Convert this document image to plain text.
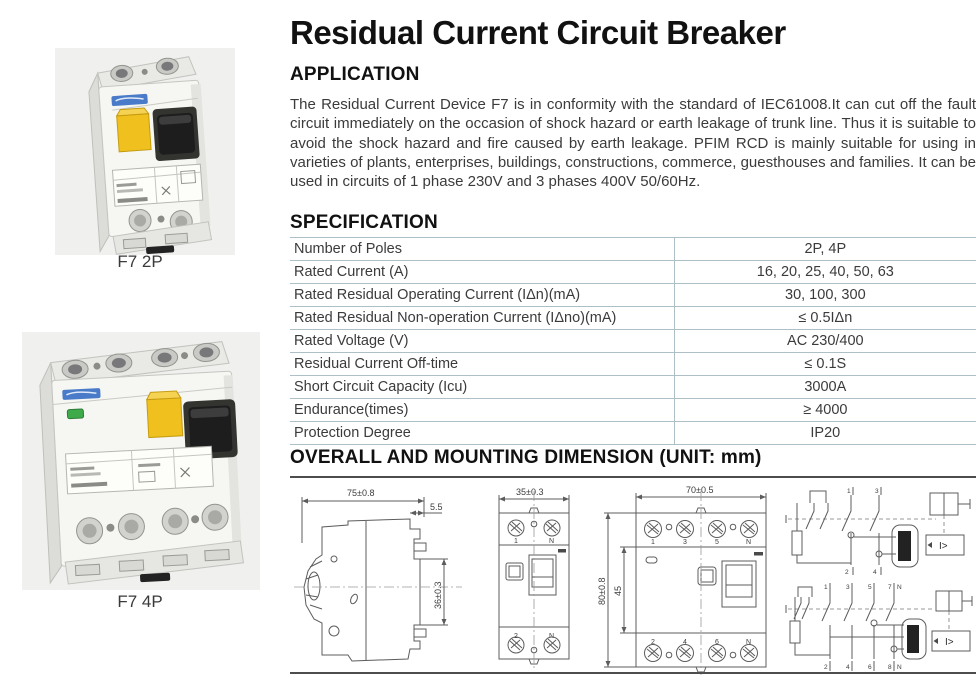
F7 2P
F7 4P
Residual Current Circuit Breaker
APPLICATION

The Residual Current Device F7 is in conformity with the standard of IEC61008.It can cut off the fault circuit immediately on the occasion of shock hazard or earth leakage of trunk line. Thus it is suitable to avoid the shock hazard and fire caused by earth leakage. PFIM RCD is mainly suitable for using in varieties of plants, enterprises, buildings, constructions, commerce, guesthouses and families. It can be used in circuits of 1 phase 230V and 3 phases 400V 50/60Hz.

SPECIFICATION
Number of Poles	2P, 4P
Rated Current (A)	16, 20, 25, 40, 50, 63
Rated Residual Operating Current (IΔn)(mA)	30, 100, 300
Rated Residual Non-operation Current (IΔno)(mA)	≤ 0.5IΔn
Rated Voltage (V)	AC 230/400
Residual Current Off-time	≤ 0.1S
Short Circuit Capacity (Icu)	3000A
Endurance(times)	≥ 4000
Protection Degree	IP20
OVERALL AND MOUNTING DIMENSION (UNIT: mm)
75±0.8
5.5
36±0.3
35±0.3
1	N
2	N
70±0.5
80±0.8 45
1	3	5	N
2	4	6	N
1	3
I>
2	4
1	3	5	7 N
I>
2	4	6	8 N
